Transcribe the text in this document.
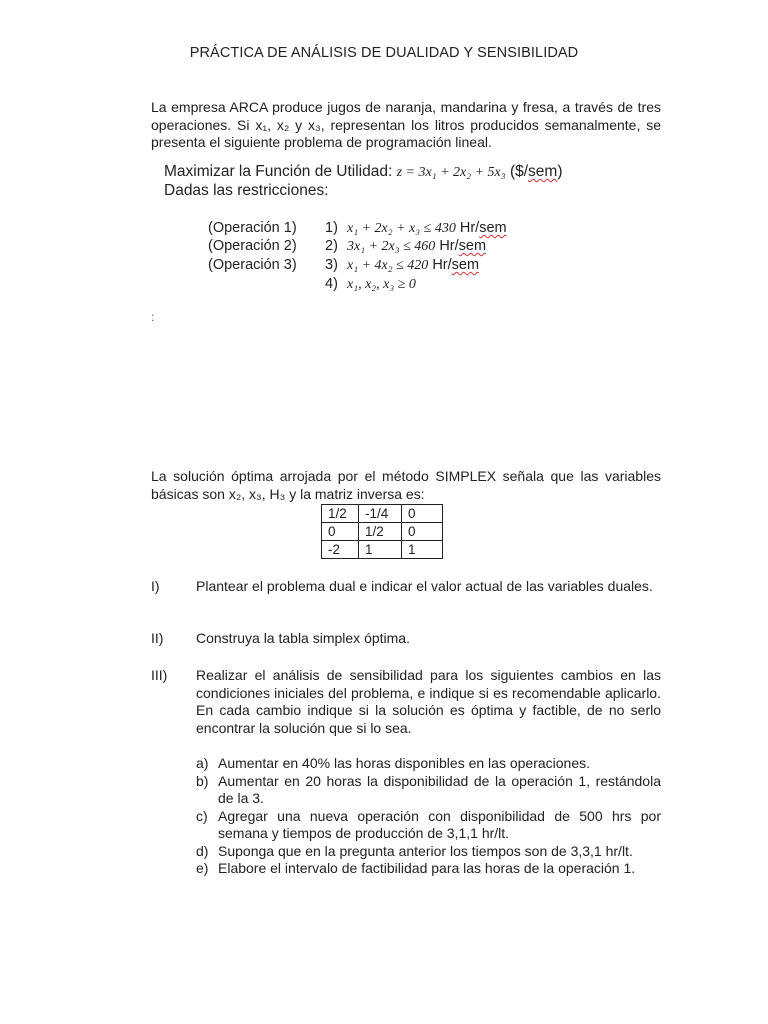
PRÁCTICA DE ANÁLISIS DE DUALIDAD Y SENSIBILIDAD
La empresa ARCA produce jugos de naranja, mandarina y fresa, a través de tres operaciones. Si x₁, x₂ y x₃, representan los litros producidos semanalmente, se presenta el siguiente problema de programación lineal.
Maximizar la Función de Utilidad: z = 3x₁ + 2x₂ + 5x₃ ($/sem)
Dadas las restricciones:
(Operación 1) 1) x₁ + 2x₂ + x₃ ≤ 430 Hr/sem
(Operación 2) 2) 3x₁ + 2x₃ ≤ 460 Hr/sem
(Operación 3) 3) x₁ + 4x₂ ≤ 420 Hr/sem
4) x₁, x₂, x₃ ≥ 0
:
La solución óptima arrojada por el método SIMPLEX señala que las variables básicas son x₂, x₃, H₃ y la matriz inversa es:
1/2	-1/4	0
0	1/2	0
-2	1	1
I)	Plantear el problema dual e indicar el valor actual de las variables duales.
II) Construya la tabla simplex óptima.
III) Realizar el análisis de sensibilidad para los siguientes cambios en las condiciones iniciales del problema, e indique si es recomendable aplicarlo. En cada cambio indique si la solución es óptima y factible, de no serlo encontrar la solución que si lo sea.
a) Aumentar en 40% las horas disponibles en las operaciones.
b) Aumentar en 20 horas la disponibilidad de la operación 1, restándola de la 3.
c) Agregar una nueva operación con disponibilidad de 500 hrs por semana y tiempos de producción de 3,1,1 hr/lt.
d) Suponga que en la pregunta anterior los tiempos son de 3,3,1 hr/lt.
e) Elabore el intervalo de factibilidad para las horas de la operación 1.
